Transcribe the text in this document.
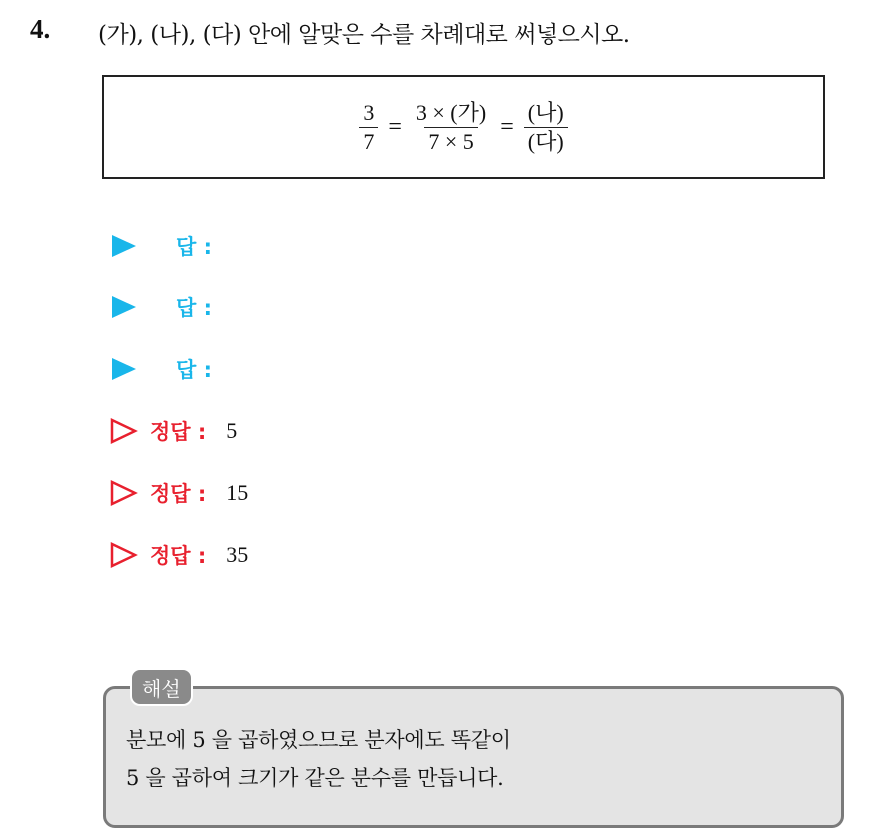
4. (가), (나), (다) 안에 알맞은 수를 차례대로 써넣으시오.
$\frac{3}{7} = \frac{\text{3 × (가)}}{7 \times 5} = \frac{\text{(나)}}{\text{(다)}}$
답 :
답 :
답 :
정답 : 5
정답 : 15
정답 : 35
분모에 5 을 곱하였으므로 분자에도 똑같이
5 을 곱하여 크기가 같은 분수를 만듭니다.
해설
